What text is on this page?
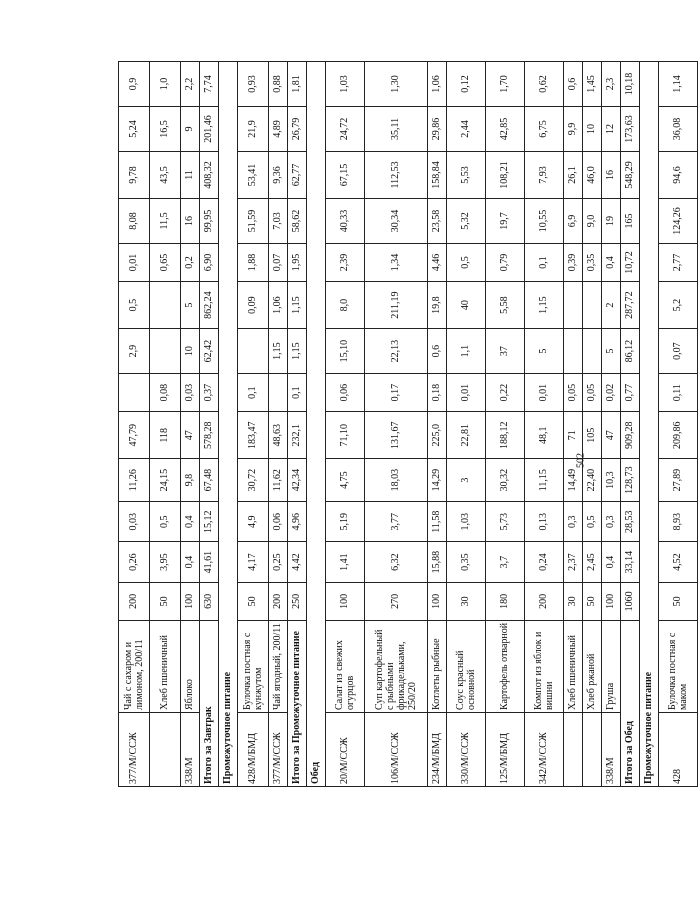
377/М/ССЖ	Чай с сахаром и лимоном, 200/11	200	0,26	0,03	11,26	47,79		2,9	0,5	0,01	8,08	9,78	5,24	0,9
	Хлеб пшеничный	50	3,95	0,5	24,15	118	0,08			0,65	11,5	43,5	16,5	1,0
338/М	Яблоко	100	0,4	0,4	9,8	47	0,03	10	5	0,2	16	11	9	2,2
Итого за Завтрак		630	41,61	15,12	67,48	578,28	0,37	62,42	862,24	6,90	99,95	408,32	201,46	7,74
Промежуточное питание														
428/М/БМД	Булочка постная с кунжутом	50	4,17	4,9	30,72	183,47	0,1		0,09	1,88	51,59	53,41	21,9	0,93
377/М/ССЖ	Чай ягодный, 200/11	200	0,25	0,06	11,62	48,63		1,15	1,06	0,07	7,03	9,36	4,89	0,88
Итого за Промежуточное питание		250	4,42	4,96	42,34	232,1	0,1	1,15	1,15	1,95	58,62	62,77	26,79	1,81
Обед														
20/М/ССЖ	Салат из свежих огурцов	100	1,41	5,19	4,75	71,10	0,06	15,10	8,0	2,39	40,33	67,15	24,72	1,03
106/М/ССЖ	Суп картофельный с рыбными фрикадельками, 250/20	270	6,32	3,77	18,03	131,67	0,17	22,13	211,19	1,34	30,34	112,53	35,11	1,30
234/М/БМД	Котлеты рыбные	100	15,88	11,58	14,29	225,0	0,18	0,6	19,8	4,46	23,58	158,84	29,86	1,06
330/М/ССЖ	Соус красный основной	30	0,35	1,03	3	22,81	0,01	1,1	40	0,5	5,32	5,53	2,44	0,12
125/М/БМД	Картофель отварной	180	3,7	5,73	30,32	188,12	0,22	37	5,58	0,79	19,7	108,21	42,85	1,70
342/М/ССЖ	Компот из яблок и вишни	200	0,24	0,13	11,15	48,1	0,01	5	1,15	0,1	10,55	7,93	6,75	0,62
	Хлеб пшеничный	30	2,37	0,3	14,49	71	0,05			0,39	6,9	26,1	9,9	0,6
	Хлеб ржаной	50	2,45	0,5	22,40	105	0,05			0,35	9,0	46,0	10	1,45
338/М	Груша	100	0,4	0,3	10,3	47	0,02	5	2	0,4	19	16	12	2,3
Итого за Обед		1060	33,14	28,53	128,73	909,28	0,77	86,12	287,72	10,72	165	548,29	173,63	10,18
Промежуточное питание														
428	Булочка постная с маком	50	4,52	8,93	27,89	209,86	0,11	0,07	5,2	2,77	124,26	94,6	36,08	1,14
502
